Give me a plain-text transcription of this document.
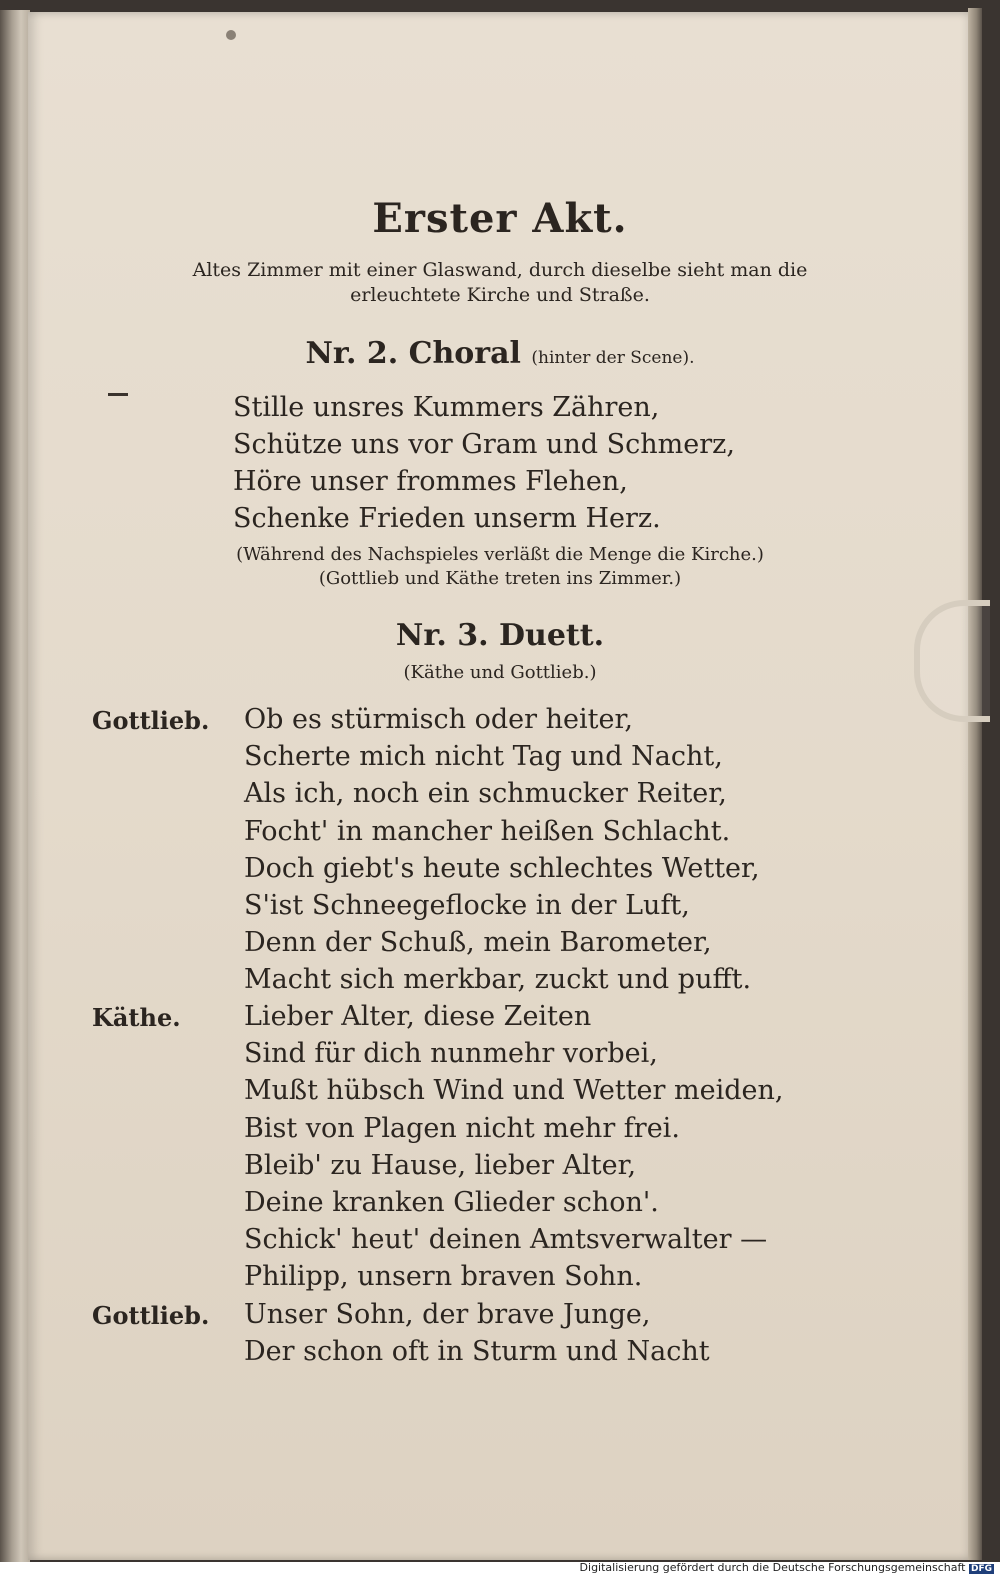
Erster Akt.
Altes Zimmer mit einer Glaswand, durch dieselbe sieht man die
erleuchtete Kirche und Straße.
Nr. 2. Choral (hinter der Scene).
Stille unsres Kummers Zähren,
Schütze uns vor Gram und Schmerz,
Höre unser frommes Flehen,
Schenke Frieden unserm Herz.
(Während des Nachspieles verläßt die Menge die Kirche.)
(Gottlieb und Käthe treten ins Zimmer.)
Nr. 3. Duett.
(Käthe und Gottlieb.)
Gottlieb. Ob es stürmisch oder heiter,
Scherte mich nicht Tag und Nacht,
Als ich, noch ein schmucker Reiter,
Focht' in mancher heißen Schlacht.
Doch giebt's heute schlechtes Wetter,
S'ist Schneegeflocke in der Luft,
Denn der Schuß, mein Barometer,
Macht sich merkbar, zuckt und pufft.
Käthe. Lieber Alter, diese Zeiten
Sind für dich nunmehr vorbei,
Mußt hübsch Wind und Wetter meiden,
Bist von Plagen nicht mehr frei.
Bleib' zu Hause, lieber Alter,
Deine kranken Glieder schon'.
Schick' heut' deinen Amtsverwalter —
Philipp, unsern braven Sohn.
Gottlieb. Unser Sohn, der brave Junge,
Der schon oft in Sturm und Nacht
Digitalisierung gefördert durch die Deutsche Forschungsgemeinschaft DFG
